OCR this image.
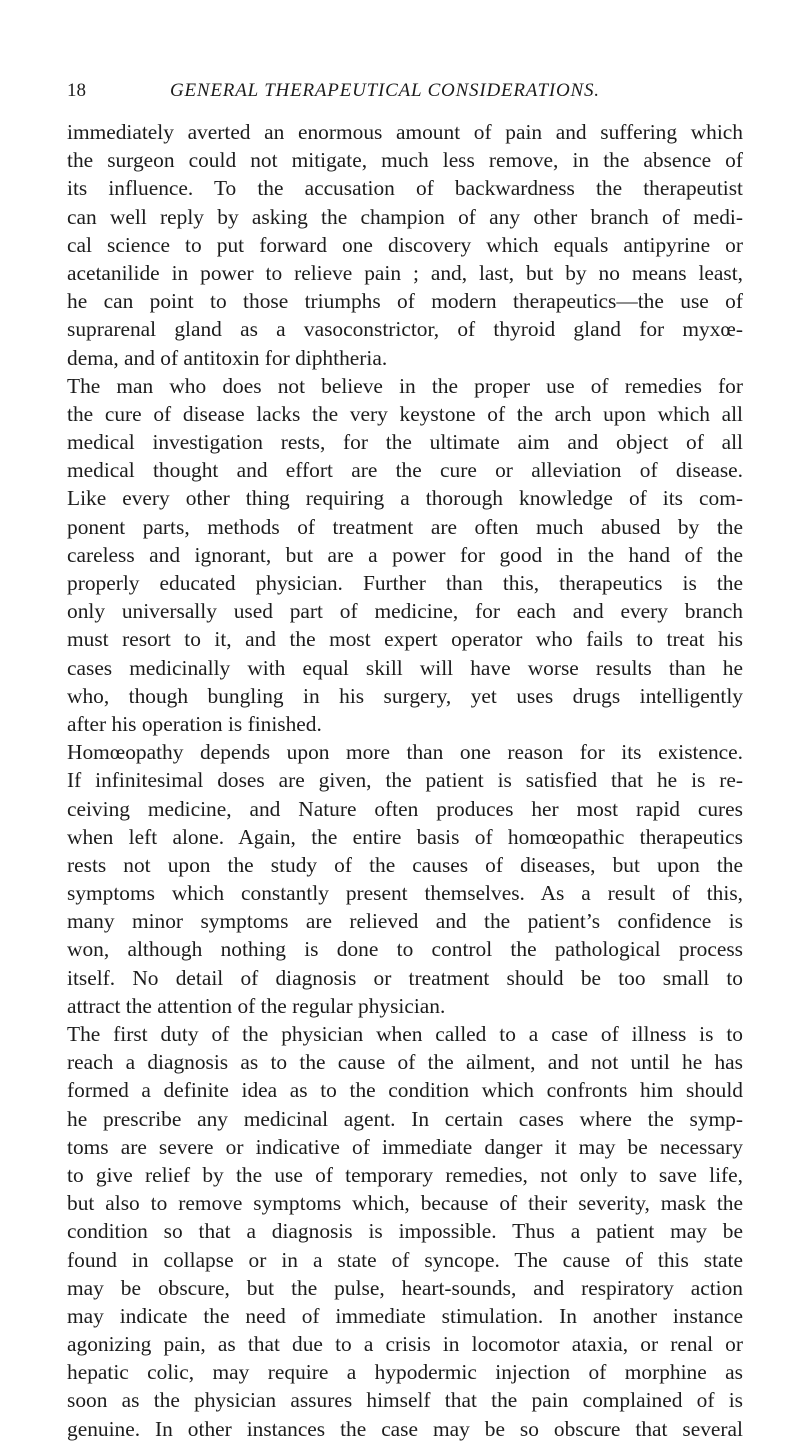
18	GENERAL THERAPEUTICAL CONSIDERATIONS.
immediately averted an enormous amount of pain and suffering which
the surgeon could not mitigate, much less remove, in the absence of
its influence. To the accusation of backwardness the therapeutist
can well reply by asking the champion of any other branch of medi-
cal science to put forward one discovery which equals antipyrine or
acetanilide in power to relieve pain ; and, last, but by no means least,
he can point to those triumphs of modern therapeutics—the use of
suprarenal gland as a vasoconstrictor, of thyroid gland for myxœ-
dema, and of antitoxin for diphtheria.
The man who does not believe in the proper use of remedies for
the cure of disease lacks the very keystone of the arch upon which all
medical investigation rests, for the ultimate aim and object of all
medical thought and effort are the cure or alleviation of disease.
Like every other thing requiring a thorough knowledge of its com-
ponent parts, methods of treatment are often much abused by the
careless and ignorant, but are a power for good in the hand of the
properly educated physician. Further than this, therapeutics is the
only universally used part of medicine, for each and every branch
must resort to it, and the most expert operator who fails to treat his
cases medicinally with equal skill will have worse results than he
who, though bungling in his surgery, yet uses drugs intelligently
after his operation is finished.
Homœopathy depends upon more than one reason for its existence.
If infinitesimal doses are given, the patient is satisfied that he is re-
ceiving medicine, and Nature often produces her most rapid cures
when left alone. Again, the entire basis of homœopathic therapeutics
rests not upon the study of the causes of diseases, but upon the
symptoms which constantly present themselves. As a result of this,
many minor symptoms are relieved and the patient’s confidence is
won, although nothing is done to control the pathological process
itself. No detail of diagnosis or treatment should be too small to
attract the attention of the regular physician.
The first duty of the physician when called to a case of illness is to
reach a diagnosis as to the cause of the ailment, and not until he has
formed a definite idea as to the condition which confronts him should
he prescribe any medicinal agent. In certain cases where the symp-
toms are severe or indicative of immediate danger it may be necessary
to give relief by the use of temporary remedies, not only to save life,
but also to remove symptoms which, because of their severity, mask the
condition so that a diagnosis is impossible. Thus a patient may be
found in collapse or in a state of syncope. The cause of this state
may be obscure, but the pulse, heart-sounds, and respiratory action
may indicate the need of immediate stimulation. In another instance
agonizing pain, as that due to a crisis in locomotor ataxia, or renal or
hepatic colic, may require a hypodermic injection of morphine as
soon as the physician assures himself that the pain complained of is
genuine. In other instances the case may be so obscure that several
